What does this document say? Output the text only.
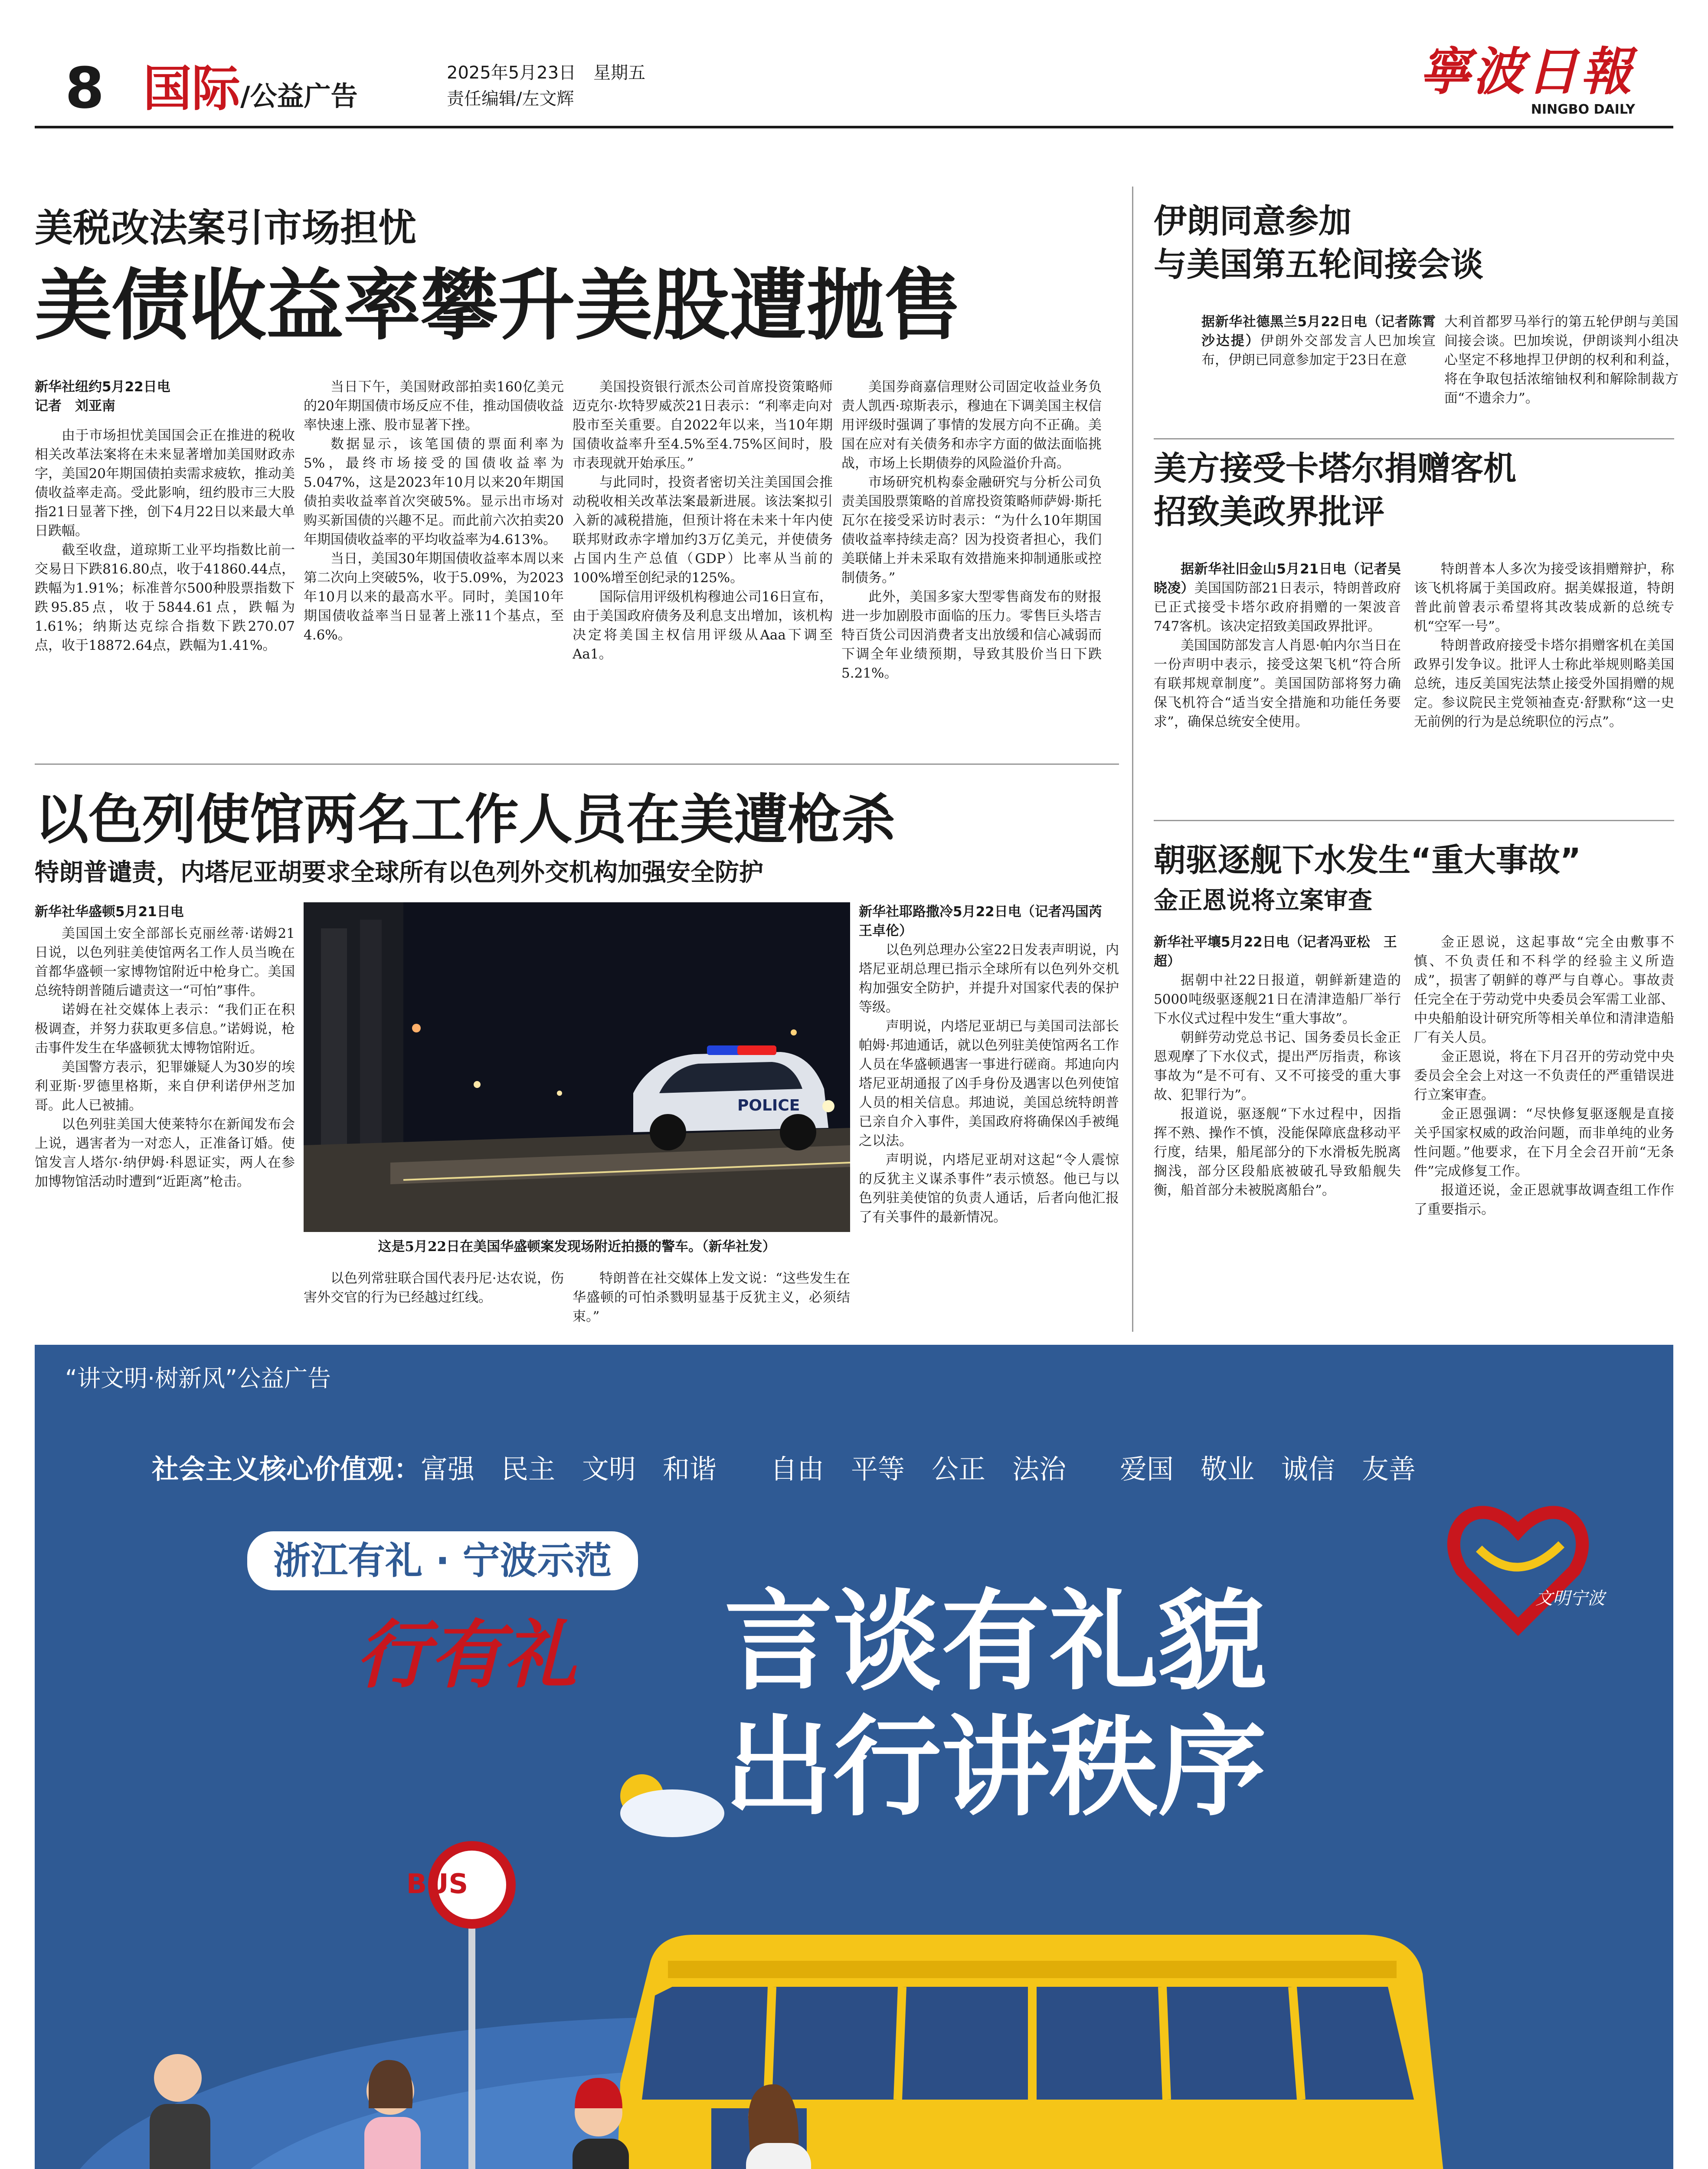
8 国际/公益广告
2025年5月23日　星期五
责任编辑/左文辉	寧波日報
NINGBO DAILY
美税改法案引市场担忧
美债收益率攀升美股遭抛售
新华社纽约5月22日电
记者　刘亚南

由于市场担忧美国国会正在推进的税收相关改革法案将在未来显著增加美国财政赤字，美国20年期国债拍卖需求疲软，推动美债收益率走高。受此影响，纽约股市三大股指21日显著下挫，创下4月22日以来最大单日跌幅。

截至收盘，道琼斯工业平均指数比前一交易日下跌816.80点，收于41860.44点，跌幅为1.91%；标准普尔500种股票指数下跌95.85点，收于5844.61点，跌幅为1.61%；纳斯达克综合指数下跌270.07点，收于18872.64点，跌幅为1.41%。

当日下午，美国财政部拍卖160亿美元的20年期国债市场反应不佳，推动国债收益率快速上涨、股市显著下挫。

数据显示，该笔国债的票面利率为5%，最终市场接受的国债收益率为5.047%，这是2023年10月以来20年期国债拍卖收益率首次突破5%。显示出市场对购买新国债的兴趣不足。而此前六次拍卖20年期国债收益率的平均收益率为4.613%。

当日，美国30年期国债收益率本周以来第二次向上突破5%，收于5.09%，为2023年10月以来的最高水平。同时，美国10年期国债收益率当日显著上涨11个基点，至4.6%。

美国投资银行派杰公司首席投资策略师迈克尔·坎特罗威茨21日表示：“利率走向对股市至关重要。自2022年以来，当10年期国债收益率升至4.5%至4.75%区间时，股市表现就开始承压。”

与此同时，投资者密切关注美国国会推动税收相关改革法案最新进展。该法案拟引入新的减税措施，但预计将在未来十年内使联邦财政赤字增加约3万亿美元，并使债务占国内生产总值（GDP）比率从当前的100%增至创纪录的125%。

国际信用评级机构穆迪公司16日宣布，由于美国政府债务及利息支出增加，该机构决定将美国主权信用评级从Aaa下调至Aa1。

美国券商嘉信理财公司固定收益业务负责人凯西·琼斯表示，穆迪在下调美国主权信用评级时强调了事情的发展方向不正确。美国在应对有关债务和赤字方面的做法面临挑战，市场上长期债券的风险溢价升高。

市场研究机构泰金融研究与分析公司负责美国股票策略的首席投资策略师萨姆·斯托瓦尔在接受采访时表示：“为什么10年期国债收益率持续走高？因为投资者担心，我们美联储上并未采取有效措施来抑制通胀或控制债务。”

此外，美国多家大型零售商发布的财报进一步加剧股市面临的压力。零售巨头塔吉特百货公司因消费者支出放缓和信心减弱而下调全年业绩预期，导致其股价当日下跌5.21%。

以色列使馆两名工作人员在美遭枪杀
特朗普谴责，内塔尼亚胡要求全球所有以色列外交机构加强安全防护
新华社华盛顿5月21日电

美国国土安全部部长克丽丝蒂·诺姆21日说，以色列驻美使馆两名工作人员当晚在首都华盛顿一家博物馆附近中枪身亡。美国总统特朗普随后谴责这一“可怕”事件。

诺姆在社交媒体上表示：“我们正在积极调查，并努力获取更多信息。”诺姆说，枪击事件发生在华盛顿犹太博物馆附近。

美国警方表示，犯罪嫌疑人为30岁的埃利亚斯·罗德里格斯，来自伊利诺伊州芝加哥。此人已被捕。

以色列驻美国大使莱特尔在新闻发布会上说，遇害者为一对恋人，正准备订婚。使馆发言人塔尔·纳伊姆·科恩证实，两人在参加博物馆活动时遭到“近距离”枪击。

POLICE
这是5月22日在美国华盛顿案发现场附近拍摄的警车。（新华社发）

以色列常驻联合国代表丹尼·达农说，伤害外交官的行为已经越过红线。

特朗普在社交媒体上发文说：“这些发生在华盛顿的可怕杀戮明显基于反犹主义，必须结束。”

新华社耶路撒冷5月22日电（记者冯国芮　王卓伦）

以色列总理办公室22日发表声明说，内塔尼亚胡总理已指示全球所有以色列外交机构加强安全防护，并提升对国家代表的保护等级。

声明说，内塔尼亚胡已与美国司法部长帕姆·邦迪通话，就以色列驻美使馆两名工作人员在华盛顿遇害一事进行磋商。邦迪向内塔尼亚胡通报了凶手身份及遇害以色列使馆人员的相关信息。邦迪说，美国总统特朗普已亲自介入事件，美国政府将确保凶手被绳之以法。

声明说，内塔尼亚胡对这起“令人震惊的反犹主义谋杀事件”表示愤怒。他已与以色列驻美使馆的负责人通话，后者向他汇报了有关事件的最新情况。

伊朗同意参加
与美国第五轮间接会谈

据新华社德黑兰5月22日电（记者陈霄　沙达提）伊朗外交部发言人巴加埃宣布，伊朗已同意参加定于23日在意

大利首都罗马举行的第五轮伊朗与美国间接会谈。巴加埃说，伊朗谈判小组决心坚定不移地捍卫伊朗的权利和利益，将在争取包括浓缩铀权利和解除制裁方面“不遗余力”。

美方接受卡塔尔捐赠客机
招致美政界批评

据新华社旧金山5月21日电（记者吴晓凌）美国国防部21日表示，特朗普政府已正式接受卡塔尔政府捐赠的一架波音747客机。该决定招致美国政界批评。

美国国防部发言人肖恩·帕内尔当日在一份声明中表示，接受这架飞机“符合所有联邦规章制度”。美国国防部将努力确保飞机符合“适当安全措施和功能任务要求”，确保总统安全使用。

特朗普本人多次为接受该捐赠辩护，称该飞机将属于美国政府。据美媒报道，特朗普此前曾表示希望将其改装成新的总统专机“空军一号”。

特朗普政府接受卡塔尔捐赠客机在美国政界引发争议。批评人士称此举规则略美国总统，违反美国宪法禁止接受外国捐赠的规定。参议院民主党领袖查克·舒默称“这一史无前例的行为是总统职位的污点”。

朝驱逐舰下水发生“重大事故”
金正恩说将立案审查
新华社平壤5月22日电（记者冯亚松　王超）

据朝中社22日报道，朝鲜新建造的5000吨级驱逐舰21日在清津造船厂举行下水仪式过程中发生“重大事故”。

朝鲜劳动党总书记、国务委员长金正恩观摩了下水仪式，提出严厉指责，称该事故为“是不可有、又不可接受的重大事故、犯罪行为”。

报道说，驱逐舰“下水过程中，因指挥不熟、操作不慎，没能保障底盘移动平行度，结果，船尾部分的下水滑板先脱离搁浅，部分区段船底被破孔导致船舰失衡，船首部分未被脱离船台”。

金正恩说，这起事故“完全由敷事不慎、不负责任和不科学的经验主义所造成”，损害了朝鲜的尊严与自尊心。事故责任完全在于劳动党中央委员会军需工业部、中央船舶设计研究所等相关单位和清津造船厂有关人员。

金正恩说，将在下月召开的劳动党中央委员会全会上对这一不负责任的严重错误进行立案审查。

金正恩强调：“尽快修复驱逐舰是直接关乎国家权威的政治问题，而非单纯的业务性问题。”他要求，在下月全会召开前“无条件”完成修复工作。

报道还说，金正恩就事故调查组工作作了重要指示。

“讲文明·树新风”公益广告
社会主义核心价值观：富强　民主　文明　和谐　　自由　平等　公正　法治　　爱国　敬业　诚信　友善
浙江有礼 · 宁波示范
行有礼 言谈有礼貌
出行讲秩序
文明宁波
BUS
